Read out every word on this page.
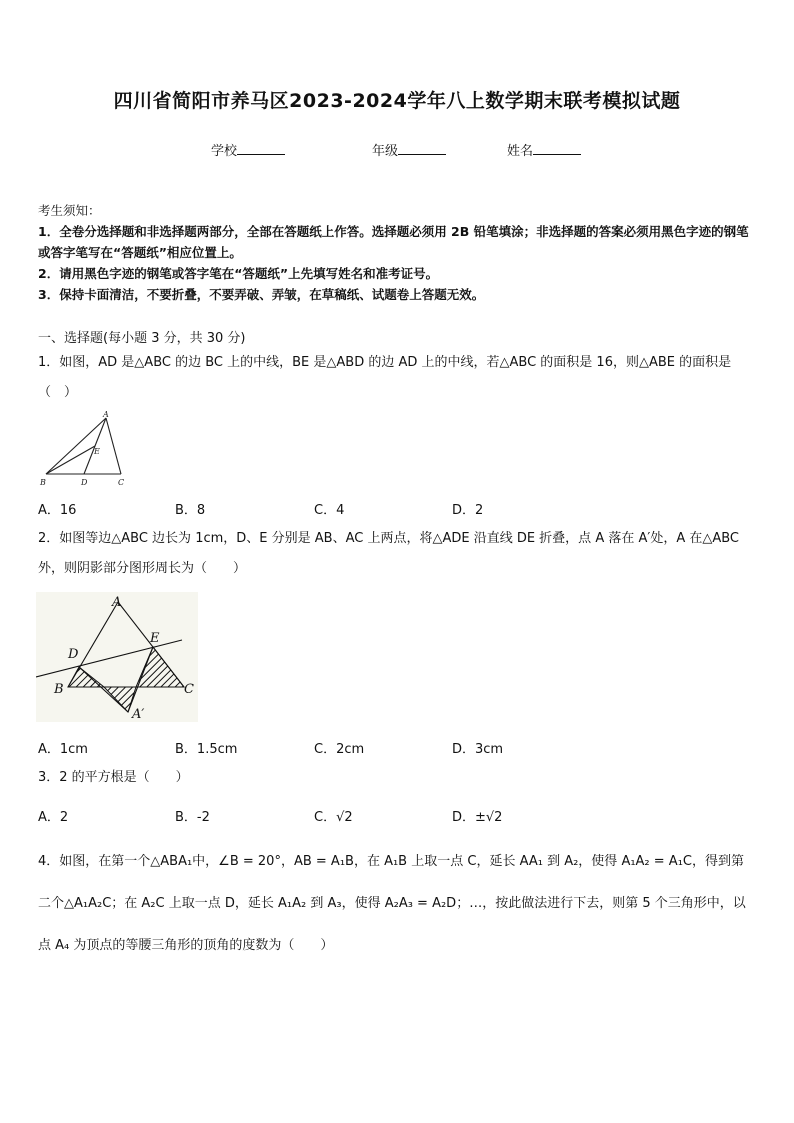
四川省简阳市养马区2023-2024学年八上数学期末联考模拟试题
学校	年级	姓名
考生须知：
1．全卷分选择题和非选择题两部分，全部在答题纸上作答。选择题必须用 2B 铅笔填涂；非选择题的答案必须用黑色字迹的钢笔或答字笔写在“答题纸”相应位置上。
2．请用黑色字迹的钢笔或答字笔在“答题纸”上先填写姓名和准考证号。
3．保持卡面清洁，不要折叠，不要弄破、弄皱，在草稿纸、试题卷上答题无效。
一、选择题(每小题 3 分，共 30 分)
1．如图，AD 是△ABC 的边 BC 上的中线，BE 是△ABD 的边 AD 上的中线，若△ABC 的面积是 16，则△ABE 的面积是（　）
A
B	C
D
E
A．16	B．8	C．4	D．2
2．如图等边△ABC 边长为 1cm，D、E 分别是 AB、AC 上两点，将△ADE 沿直线 DE 折叠，点 A 落在 A′处，A 在△ABC 外，则阴影部分图形周长为（　　）
A
B	C
D
E
A′
A．1cm	B．1.5cm	C．2cm	D．3cm
3．2 的平方根是（　　）
A．2	B．-2	C．√2	D．±√2
4．如图，在第一个△ABA₁中，∠B = 20°，AB = A₁B，在 A₁B 上取一点 C，延长 AA₁ 到 A₂，使得 A₁A₂ = A₁C，得到第二个△A₁A₂C；在 A₂C 上取一点 D，延长 A₁A₂ 到 A₃，使得 A₂A₃ = A₂D；…，按此做法进行下去，则第 5 个三角形中，以点 A₄ 为顶点的等腰三角形的顶角的度数为（　　）
